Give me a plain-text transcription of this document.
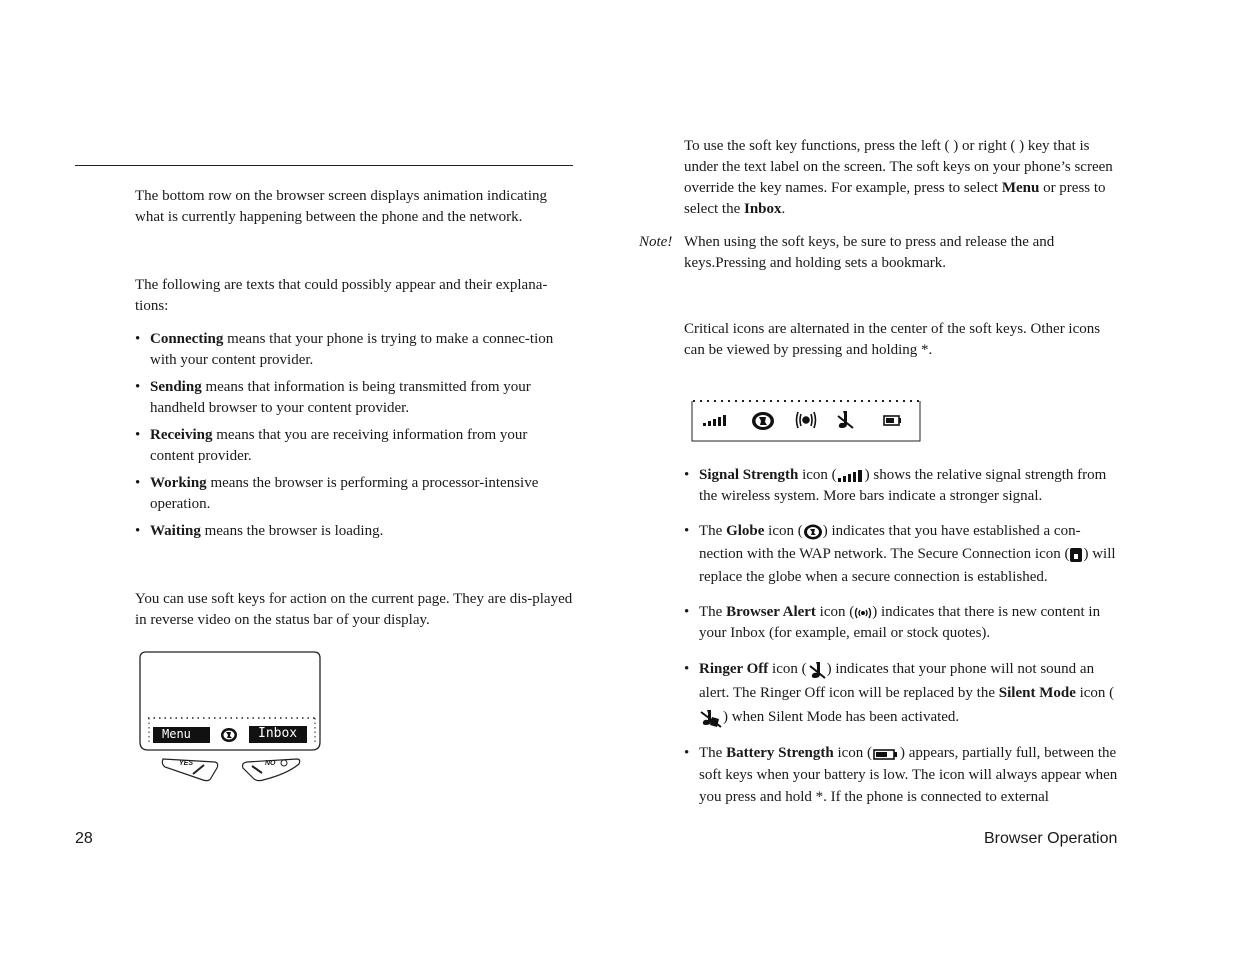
The bottom row on the browser screen displays animation indicating what is currently happening between the phone and the network.

The following are texts that could possibly appear and their explana-tions:

• Connecting means that your phone is trying to make a connec-tion with your content provider.
• Sending means that information is being transmitted from your handheld browser to your content provider.
• Receiving means that you are receiving information from your content provider.
• Working means the browser is performing a processor-intensive operation.
• Waiting means the browser is loading.

You can use soft keys for action on the current page. They are dis-played in reverse video on the status bar of your display.

Menu	Inbox
YES	NO

To use the soft key functions, press the left ( ) or right ( ) key that is under the text label on the screen. The soft keys on your phone’s screen override the key names. For example, press to select Menu or press to select the Inbox.

Note! When using the soft keys, be sure to press and release the and keys.Pressing and holding sets a bookmark.

Critical icons are alternated in the center of the soft keys. Other icons can be viewed by pressing and holding *.

• Signal Strength icon ( ) shows the relative signal strength from the wireless system. More bars indicate a stronger signal.
• The Globe icon ( ) indicates that you have established a con-nection with the WAP network. The Secure Connection icon ( ) will replace the globe when a secure connection is established.
• The Browser Alert icon ( ) indicates that there is new content in your Inbox (for example, email or stock quotes).
• Ringer Off icon ( ) indicates that your phone will not sound an alert. The Ringer Off icon will be replaced by the Silent Mode icon () when Silent Mode has been activated.
• The Battery Strength icon ( ) appears, partially full, between the soft keys when your battery is low. The icon will always appear when you press and hold *. If the phone is connected to external
28	Browser Operation
